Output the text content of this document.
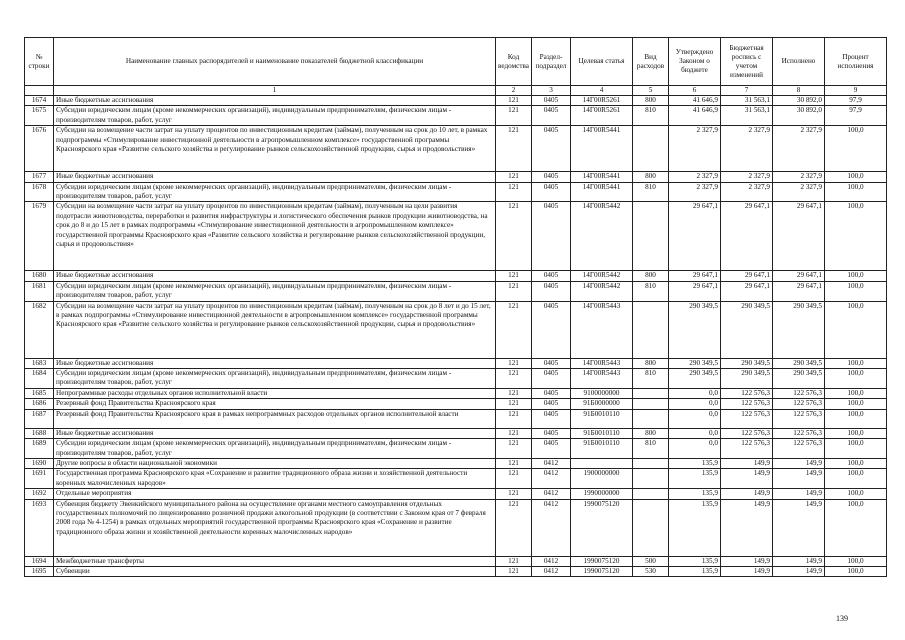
№ строки	Наименование главных распорядителей и наименование показателей бюджетной классификации	Код ведомства	Раздел-подраздел	Целевая статья	Вид расходов	Утверждено Законом о бюджете	Бюджетная роспись с учетом изменений	Исполнено	Процент исполнения
	1	2	3	4	5	6	7	8	9
1674	Иные бюджетные ассигнования	121	0405	14Г00R5261	800	41 646,9	31 563,1	30 892,0	97,9
1675	Субсидии юридическим лицам (кроме некоммерческих организаций), индивидуальным предпринимателям, физическим лицам - производителям товаров, работ, услуг	121	0405	14Г00R5261	810	41 646,9	31 563,1	30 892,0	97,9
1676	Субсидии на возмещение части затрат на уплату процентов по инвестиционным кредитам (займам), полученным на срок до 10 лет, в рамках подпрограммы «Стимулирование инвестиционной деятельности в агропромышленном комплексе» государственной программы Красноярского края «Развитие сельского хозяйства и регулирование рынков сельскохозяйственной продукции, сырья и продовольствия»	121	0405	14Г00R5441		2 327,9	2 327,9	2 327,9	100,0
1677	Иные бюджетные ассигнования	121	0405	14Г00R5441	800	2 327,9	2 327,9	2 327,9	100,0
1678	Субсидии юридическим лицам (кроме некоммерческих организаций), индивидуальным предпринимателям, физическим лицам - производителям товаров, работ, услуг	121	0405	14Г00R5441	810	2 327,9	2 327,9	2 327,9	100,0
1679	Субсидии на возмещение части затрат на уплату процентов по инвестиционным кредитам (займам), полученным на цели развития подотрасли животноводства, переработки и развития инфраструктуры и логистического обеспечения рынков продукции животноводства, на срок до 8 и до 15 лет в рамках подпрограммы «Стимулирование инвестиционной деятельности в агропромышленном комплексе» государственной программы Красноярского края «Развитие сельского хозяйства и регулирование рынков сельскохозяйственной продукции, сырья и продовольствия»	121	0405	14Г00R5442		29 647,1	29 647,1	29 647,1	100,0
1680	Иные бюджетные ассигнования	121	0405	14Г00R5442	800	29 647,1	29 647,1	29 647,1	100,0
1681	Субсидии юридическим лицам (кроме некоммерческих организаций), индивидуальным предпринимателям, физическим лицам - производителям товаров, работ, услуг	121	0405	14Г00R5442	810	29 647,1	29 647,1	29 647,1	100,0
1682	Субсидии на возмещение части затрат на уплату процентов по инвестиционным кредитам (займам), полученным на срок до 8 лет и до 15 лет, в рамках подпрограммы «Стимулирование инвестиционной деятельности в агропромышленном комплексе» государственной программы Красноярского края «Развитие сельского хозяйства и регулирование рынков сельскохозяйственной продукции, сырья и продовольствия»	121	0405	14Г00R5443		290 349,5	290 349,5	290 349,5	100,0
1683	Иные бюджетные ассигнования	121	0405	14Г00R5443	800	290 349,5	290 349,5	290 349,5	100,0
1684	Субсидии юридическим лицам (кроме некоммерческих организаций), индивидуальным предпринимателям, физическим лицам - производителям товаров, работ, услуг	121	0405	14Г00R5443	810	290 349,5	290 349,5	290 349,5	100,0
1685	Непрограммные расходы отдельных органов исполнительной власти	121	0405	9100000000		0,0	122 576,3	122 576,3	100,0
1686	Резервный фонд Правительства Красноярского края	121	0405	91Б0000000		0,0	122 576,3	122 576,3	100,0
1687	Резервный фонд Правительства Красноярского края в рамках непрограммных расходов отдельных органов исполнительной власти	121	0405	91Б0010110		0,0	122 576,3	122 576,3	100,0
1688	Иные бюджетные ассигнования	121	0405	91Б0010110	800	0,0	122 576,3	122 576,3	100,0
1689	Субсидии юридическим лицам (кроме некоммерческих организаций), индивидуальным предпринимателям, физическим лицам - производителям товаров, работ, услуг	121	0405	91Б0010110	810	0,0	122 576,3	122 576,3	100,0
1690	Другие вопросы в области национальной экономики	121	0412			135,9	149,9	149,9	100,0
1691	Государственная программа Красноярского края «Сохранение и развитие традиционного образа жизни и хозяйственной деятельности коренных малочисленных народов»	121	0412	1900000000		135,9	149,9	149,9	100,0
1692	Отдельные мероприятия	121	0412	1990000000		135,9	149,9	149,9	100,0
1693	Субвенция бюджету Эвенкийского муниципального района на осуществление органами местного самоуправления отдельных государственных полномочий по лицензированию розничной продажи алкогольной продукции (в соответствии с Законом края от 7 февраля 2008 года № 4-1254) в рамках отдельных мероприятий государственной программы Красноярского края «Сохранение и развитие традиционного образа жизни и хозяйственной деятельности коренных малочисленных народов»	121	0412	1990075120		135,9	149,9	149,9	100,0
1694	Межбюджетные трансферты	121	0412	1990075120	500	135,9	149,9	149,9	100,0
1695	Субвенции	121	0412	1990075120	530	135,9	149,9	149,9	100,0
139
